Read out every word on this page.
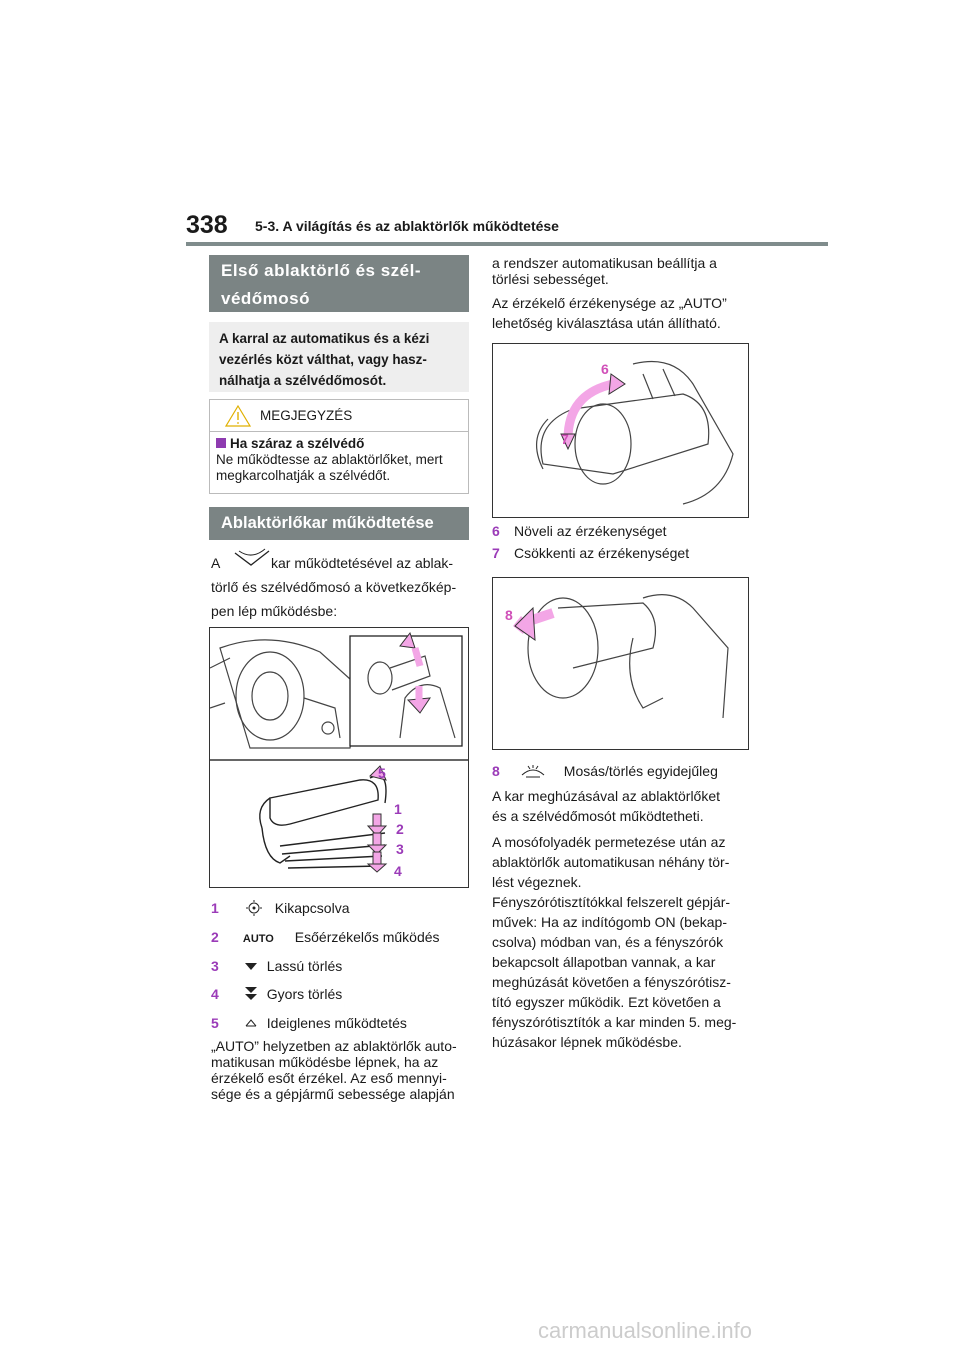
338 5-3. A világítás és az ablaktörlők működtetése
Első ablaktörlő és szél-
védőmosó
A karral az automatikus és a kézi
vezérlés közt válthat, vagy hasz-
nálhatja a szélvédőmosót.
MEGJEGYZÉS
Ha száraz a szélvédő
Ne működtesse az ablaktörlőket, mert
megkarcolhatják a szélvédőt.
Ablaktörlőkar működtetése
A	kar működtetésével az ablak-
törlő és szélvédőmosó a következőkép-
pen lép működésbe:
5
1
2
3
4
1	Kikapcsolva
2 AUTO Esőérzékelős működés
3	Lassú törlés
4	Gyors törlés
5	Ideiglenes működtetés
„AUTO” helyzetben az ablaktörlők auto-
matikusan működésbe lépnek, ha az
érzékelő esőt érzékel. Az eső mennyi-
sége és a gépjármű sebessége alapján
a rendszer automatikusan beállítja a
törlési sebességet.
Az érzékelő érzékenysége az „AUTO”
lehetőség kiválasztása után állítható.
6
7
6 Növeli az érzékenységet
7 Csökkenti az érzékenységet
8
8	Mosás/törlés egyidejűleg
A kar meghúzásával az ablaktörlőket
és a szélvédőmosót működtetheti.
A mosófolyadék permetezése után az
ablaktörlők automatikusan néhány tör-
lést végeznek.
Fényszórótisztítókkal felszerelt gépjár-
művek: Ha az indítógomb ON (bekap-
csolva) módban van, és a fényszórók
bekapcsolt állapotban vannak, a kar
meghúzását követően a fényszórótisz-
tító egyszer működik. Ezt követően a
fényszórótisztítók a kar minden 5. meg-
húzásakor lépnek működésbe.
carmanualsonline.info
